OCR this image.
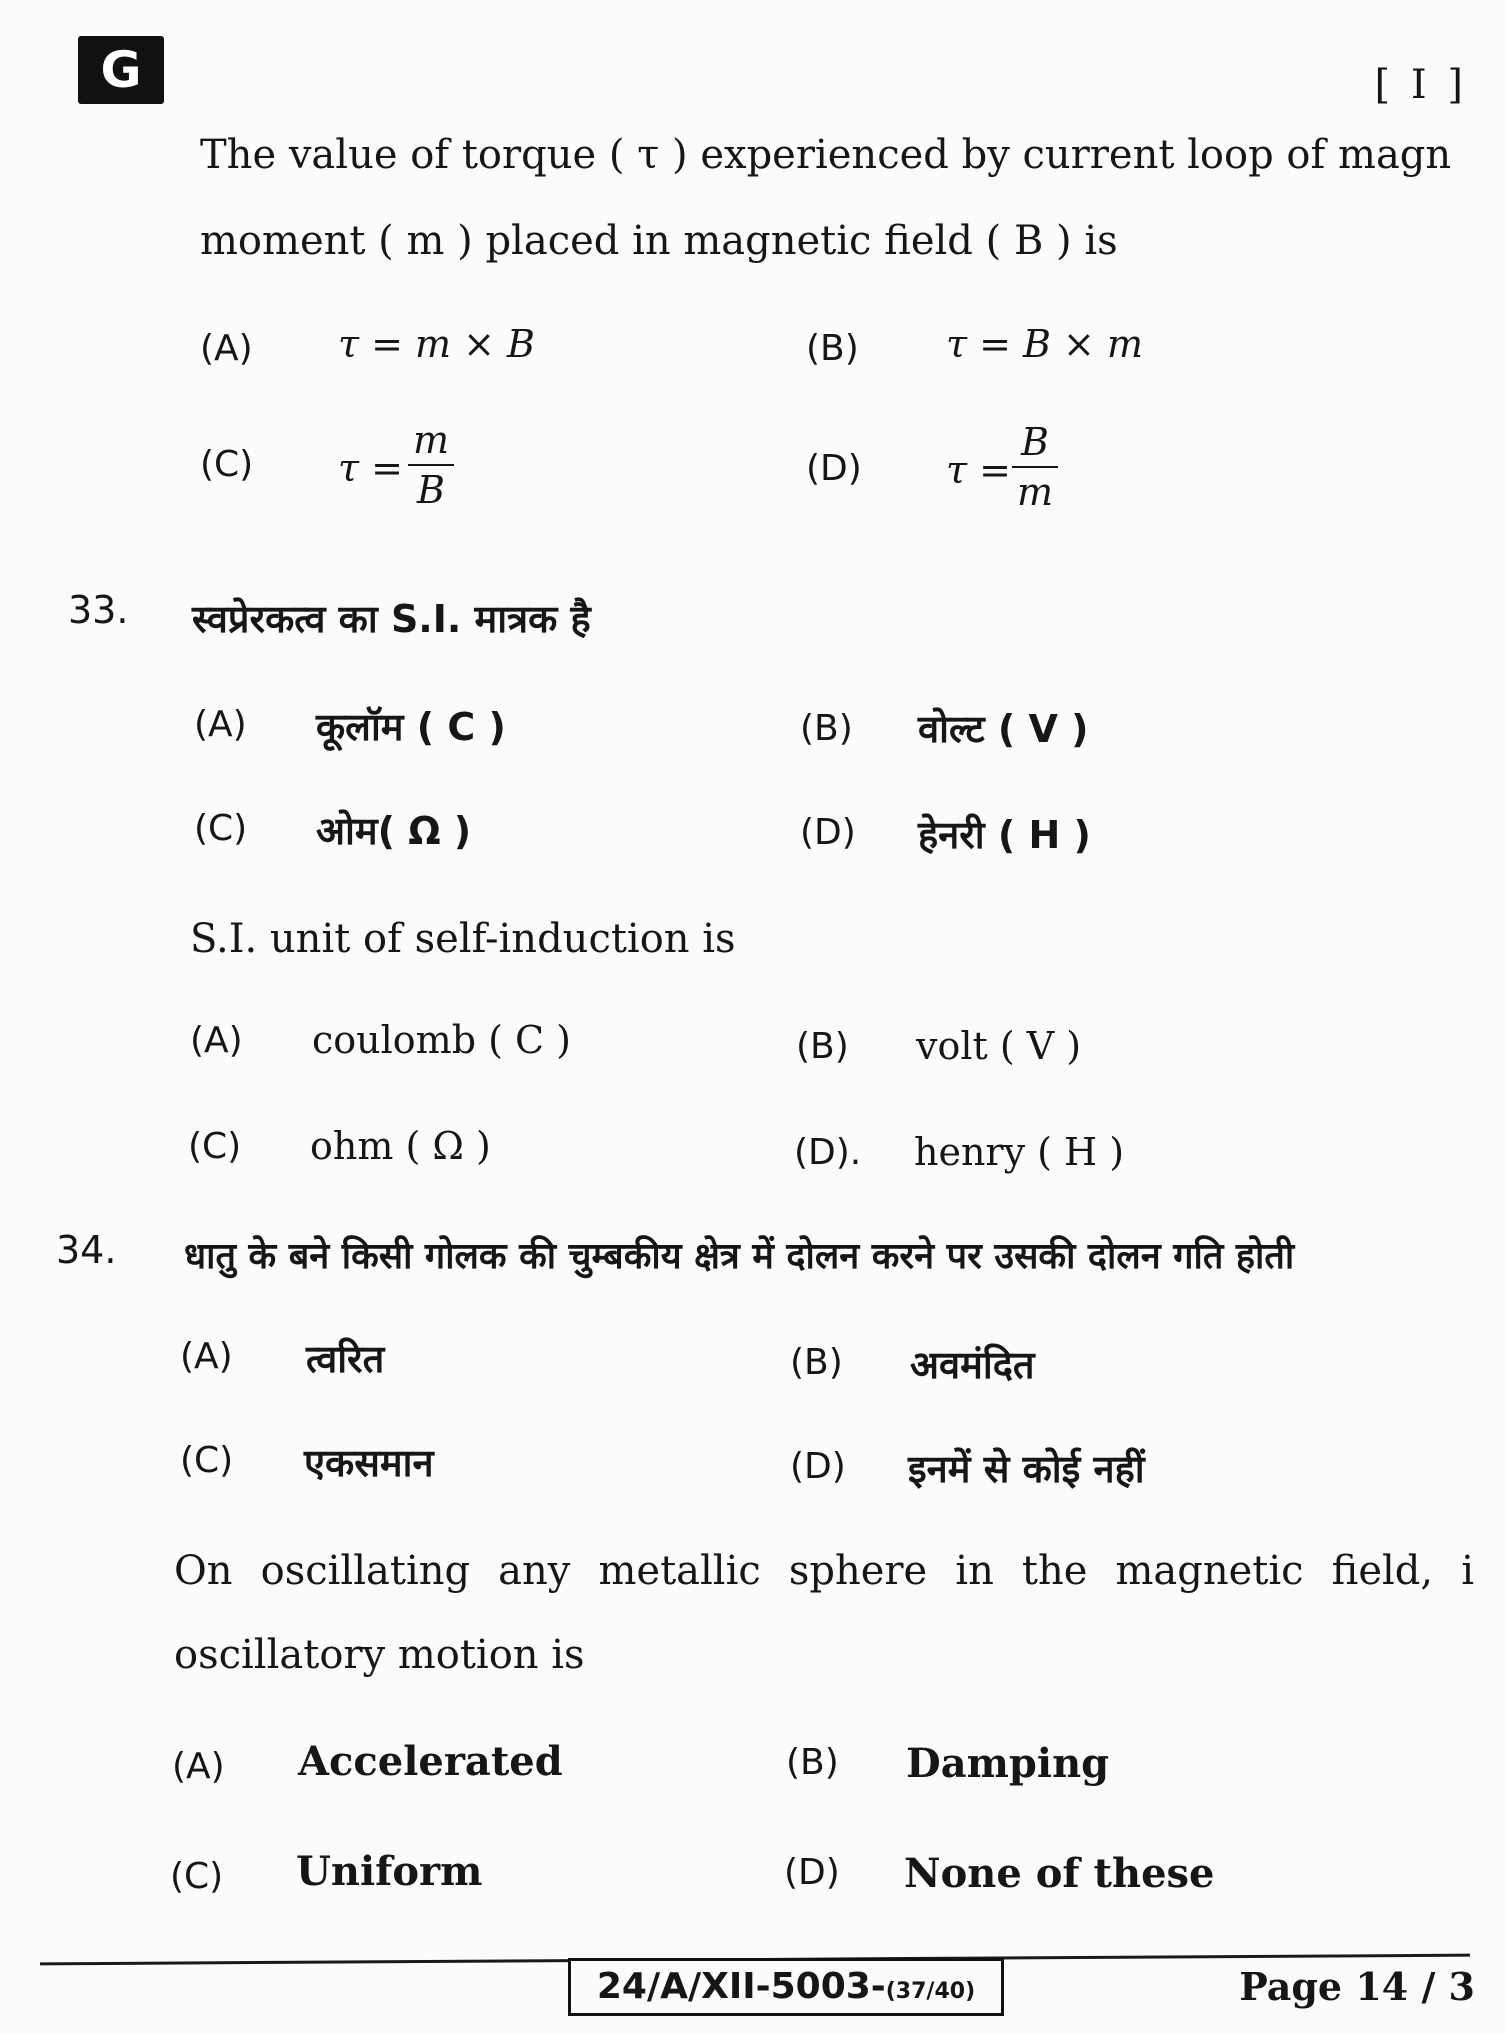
G	[ I ]
The value of torque ( τ ) experienced by current loop of magn
moment ( m ) placed in magnetic field ( B ) is
(A) τ = m × B	(B) τ = B × m
(C) τ =
m
B	(D) τ =
B
m
33. स्वप्रेरकत्व का S.I. मात्रक है
(A) कूलॉम ( C )	(B) वोल्ट ( V )
(C) ओम( Ω )	(D) हेनरी ( H )
S.I. unit of self-induction is
(A) coulomb ( C )	(B) volt ( V )
(C) ohm ( Ω )	(D). henry ( H )
34. धातु के बने किसी गोलक की चुम्बकीय क्षेत्र में दोलन करने पर उसकी दोलन गति होती
(A) त्वरित	(B) अवमंदित
(C) एकसमान	(D) इनमें से कोई नहीं
On oscillating any metallic sphere in the magnetic field, i
oscillatory motion is
(A) Accelerated	(B) Damping
(C) Uniform	(D) None of these
24/A/XII-5003-(37/40)	Page 14 / 3
